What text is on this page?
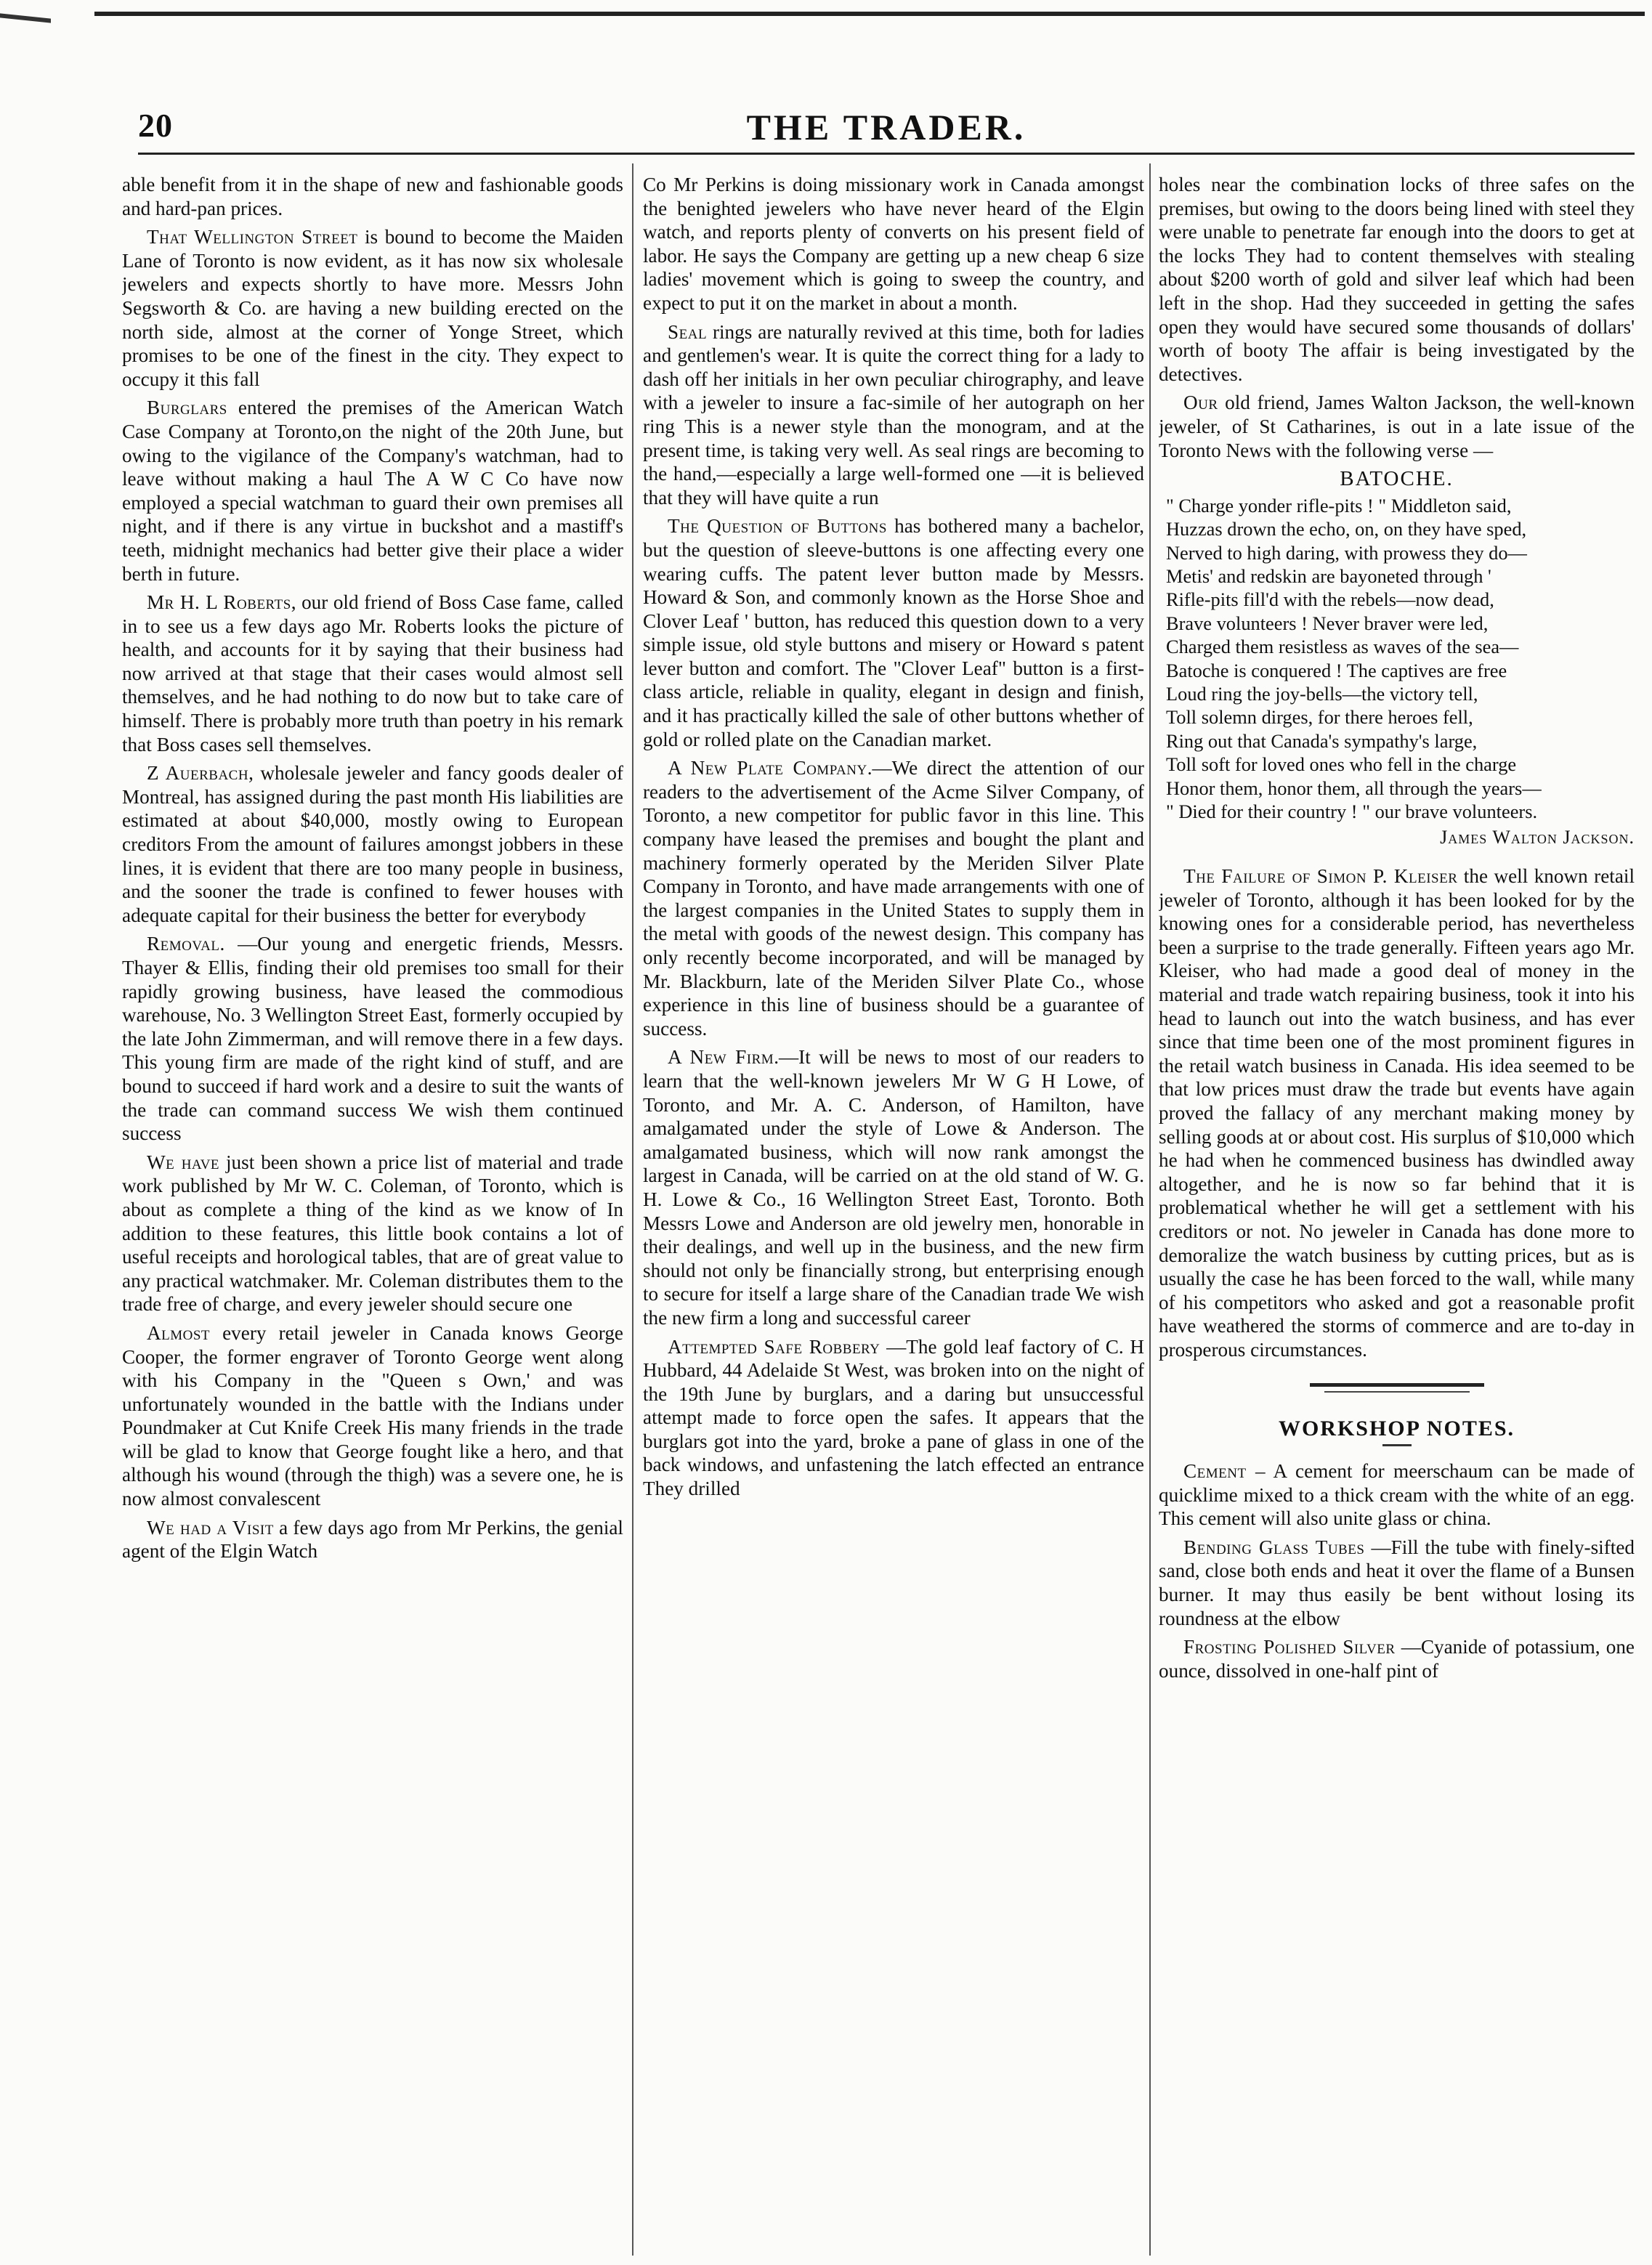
20	THE TRADER.

able benefit from it in the shape of new and fashionable goods and hard-pan prices.

That Wellington Street is bound to become the Maiden Lane of Toronto is now evident, as it has now six wholesale jewelers and expects shortly to have more. Messrs John Segsworth & Co. are having a new building erected on the north side, almost at the corner of Yonge Street, which promises to be one of the finest in the city. They expect to occupy it this fall

Burglars entered the premises of the American Watch Case Company at Toronto,on the night of the 20th June, but owing to the vigilance of the Company's watchman, had to leave without making a haul The A W C Co have now employed a special watchman to guard their own premises all night, and if there is any virtue in buckshot and a mastiff's teeth, midnight mechanics had better give their place a wider berth in future.

Mr H. L Roberts, our old friend of Boss Case fame, called in to see us a few days ago Mr. Roberts looks the picture of health, and accounts for it by saying that their business had now arrived at that stage that their cases would almost sell themselves, and he had nothing to do now but to take care of himself. There is probably more truth than poetry in his remark that Boss cases sell themselves.

Z Auerbach, wholesale jeweler and fancy goods dealer of Montreal, has assigned during the past month His liabilities are estimated at about $40,000, mostly owing to European creditors From the amount of failures amongst jobbers in these lines, it is evident that there are too many people in business, and the sooner the trade is confined to fewer houses with adequate capital for their business the better for everybody

Removal. —Our young and energetic friends, Messrs. Thayer & Ellis, finding their old premises too small for their rapidly growing business, have leased the commodious warehouse, No. 3 Wellington Street East, formerly occupied by the late John Zimmerman, and will remove there in a few days. This young firm are made of the right kind of stuff, and are bound to succeed if hard work and a desire to suit the wants of the trade can command success We wish them continued success

We have just been shown a price list of material and trade work published by Mr W. C. Coleman, of Toronto, which is about as complete a thing of the kind as we know of In addition to these features, this little book contains a lot of useful receipts and horological tables, that are of great value to any practical watchmaker. Mr. Coleman distributes them to the trade free of charge, and every jeweler should secure one

Almost every retail jeweler in Canada knows George Cooper, the former engraver of Toronto George went along with his Company in the "Queen s Own,' and was unfortunately wounded in the battle with the Indians under Poundmaker at Cut Knife Creek His many friends in the trade will be glad to know that George fought like a hero, and that although his wound (through the thigh) was a severe one, he is now almost convalescent

We had a Visit a few days ago from Mr Perkins, the genial agent of the Elgin Watch

Co Mr Perkins is doing missionary work in Canada amongst the benighted jewelers who have never heard of the Elgin watch, and reports plenty of converts on his present field of labor. He says the Company are getting up a new cheap 6 size ladies' movement which is going to sweep the country, and expect to put it on the market in about a month.

Seal rings are naturally revived at this time, both for ladies and gentlemen's wear. It is quite the correct thing for a lady to dash off her initials in her own peculiar chirography, and leave with a jeweler to insure a fac-simile of her autograph on her ring This is a newer style than the monogram, and at the present time, is taking very well. As seal rings are becoming to the hand,—especially a large well-formed one —it is believed that they will have quite a run

The Question of Buttons has bothered many a bachelor, but the question of sleeve-buttons is one affecting every one wearing cuffs. The patent lever button made by Messrs. Howard & Son, and commonly known as the Horse Shoe and Clover Leaf ' button, has reduced this question down to a very simple issue, old style buttons and misery or Howard s patent lever button and comfort. The "Clover Leaf" button is a first-class article, reliable in quality, elegant in design and finish, and it has practically killed the sale of other buttons whether of gold or rolled plate on the Canadian market.

A New Plate Company.—We direct the attention of our readers to the advertisement of the Acme Silver Company, of Toronto, a new competitor for public favor in this line. This company have leased the premises and bought the plant and machinery formerly operated by the Meriden Silver Plate Company in Toronto, and have made arrangements with one of the largest companies in the United States to supply them in the metal with goods of the newest design. This company has only recently become incorporated, and will be managed by Mr. Blackburn, late of the Meriden Silver Plate Co., whose experience in this line of business should be a guarantee of success.

A New Firm.—It will be news to most of our readers to learn that the well-known jewelers Mr W G H Lowe, of Toronto, and Mr. A. C. Anderson, of Hamilton, have amalgamated under the style of Lowe & Anderson. The amalgamated business, which will now rank amongst the largest in Canada, will be carried on at the old stand of W. G. H. Lowe & Co., 16 Wellington Street East, Toronto. Both Messrs Lowe and Anderson are old jewelry men, honorable in their dealings, and well up in the business, and the new firm should not only be financially strong, but enterprising enough to secure for itself a large share of the Canadian trade We wish the new firm a long and successful career

Attempted Safe Robbery —The gold leaf factory of C. H Hubbard, 44 Adelaide St West, was broken into on the night of the 19th June by burglars, and a daring but unsuccessful attempt made to force open the safes. It appears that the burglars got into the yard, broke a pane of glass in one of the back windows, and unfastening the latch effected an entrance They drilled

holes near the combination locks of three safes on the premises, but owing to the doors being lined with steel they were unable to penetrate far enough into the doors to get at the locks They had to content themselves with stealing about $200 worth of gold and silver leaf which had been left in the shop. Had they succeeded in getting the safes open they would have secured some thousands of dollars' worth of booty The affair is being investigated by the detectives.

Our old friend, James Walton Jackson, the well-known jeweler, of St Catharines, is out in a late issue of the Toronto News with the following verse —

BATOCHE.
" Charge yonder rifle-pits ! " Middleton said,
Huzzas drown the echo, on, on they have sped,
Nerved to high daring, with prowess they do—
Metis' and redskin are bayoneted through '
Rifle-pits fill'd with the rebels—now dead,
Brave volunteers ! Never braver were led,
Charged them resistless as waves of the sea—
Batoche is conquered ! The captives are free
Loud ring the joy-bells—the victory tell,
Toll solemn dirges, for there heroes fell,
Ring out that Canada's sympathy's large,
Toll soft for loved ones who fell in the charge
Honor them, honor them, all through the years—
" Died for their country ! " our brave volunteers.
James Walton Jackson.

The Failure of Simon P. Kleiser the well known retail jeweler of Toronto, although it has been looked for by the knowing ones for a considerable period, has nevertheless been a surprise to the trade generally. Fifteen years ago Mr. Kleiser, who had made a good deal of money in the material and trade watch repairing business, took it into his head to launch out into the watch business, and has ever since that time been one of the most prominent figures in the retail watch business in Canada. His idea seemed to be that low prices must draw the trade but events have again proved the fallacy of any merchant making money by selling goods at or about cost. His surplus of $10,000 which he had when he commenced business has dwindled away altogether, and he is now so far behind that it is problematical whether he will get a settlement with his creditors or not. No jeweler in Canada has done more to demoralize the watch business by cutting prices, but as is usually the case he has been forced to the wall, while many of his competitors who asked and got a reasonable profit have weathered the storms of commerce and are to-day in prosperous circumstances.

WORKSHOP NOTES.

Cement – A cement for meerschaum can be made of quicklime mixed to a thick cream with the white of an egg. This cement will also unite glass or china.

Bending Glass Tubes —Fill the tube with finely-sifted sand, close both ends and heat it over the flame of a Bunsen burner. It may thus easily be bent without losing its roundness at the elbow

Frosting Polished Silver —Cyanide of potassium, one ounce, dissolved in one-half pint of
